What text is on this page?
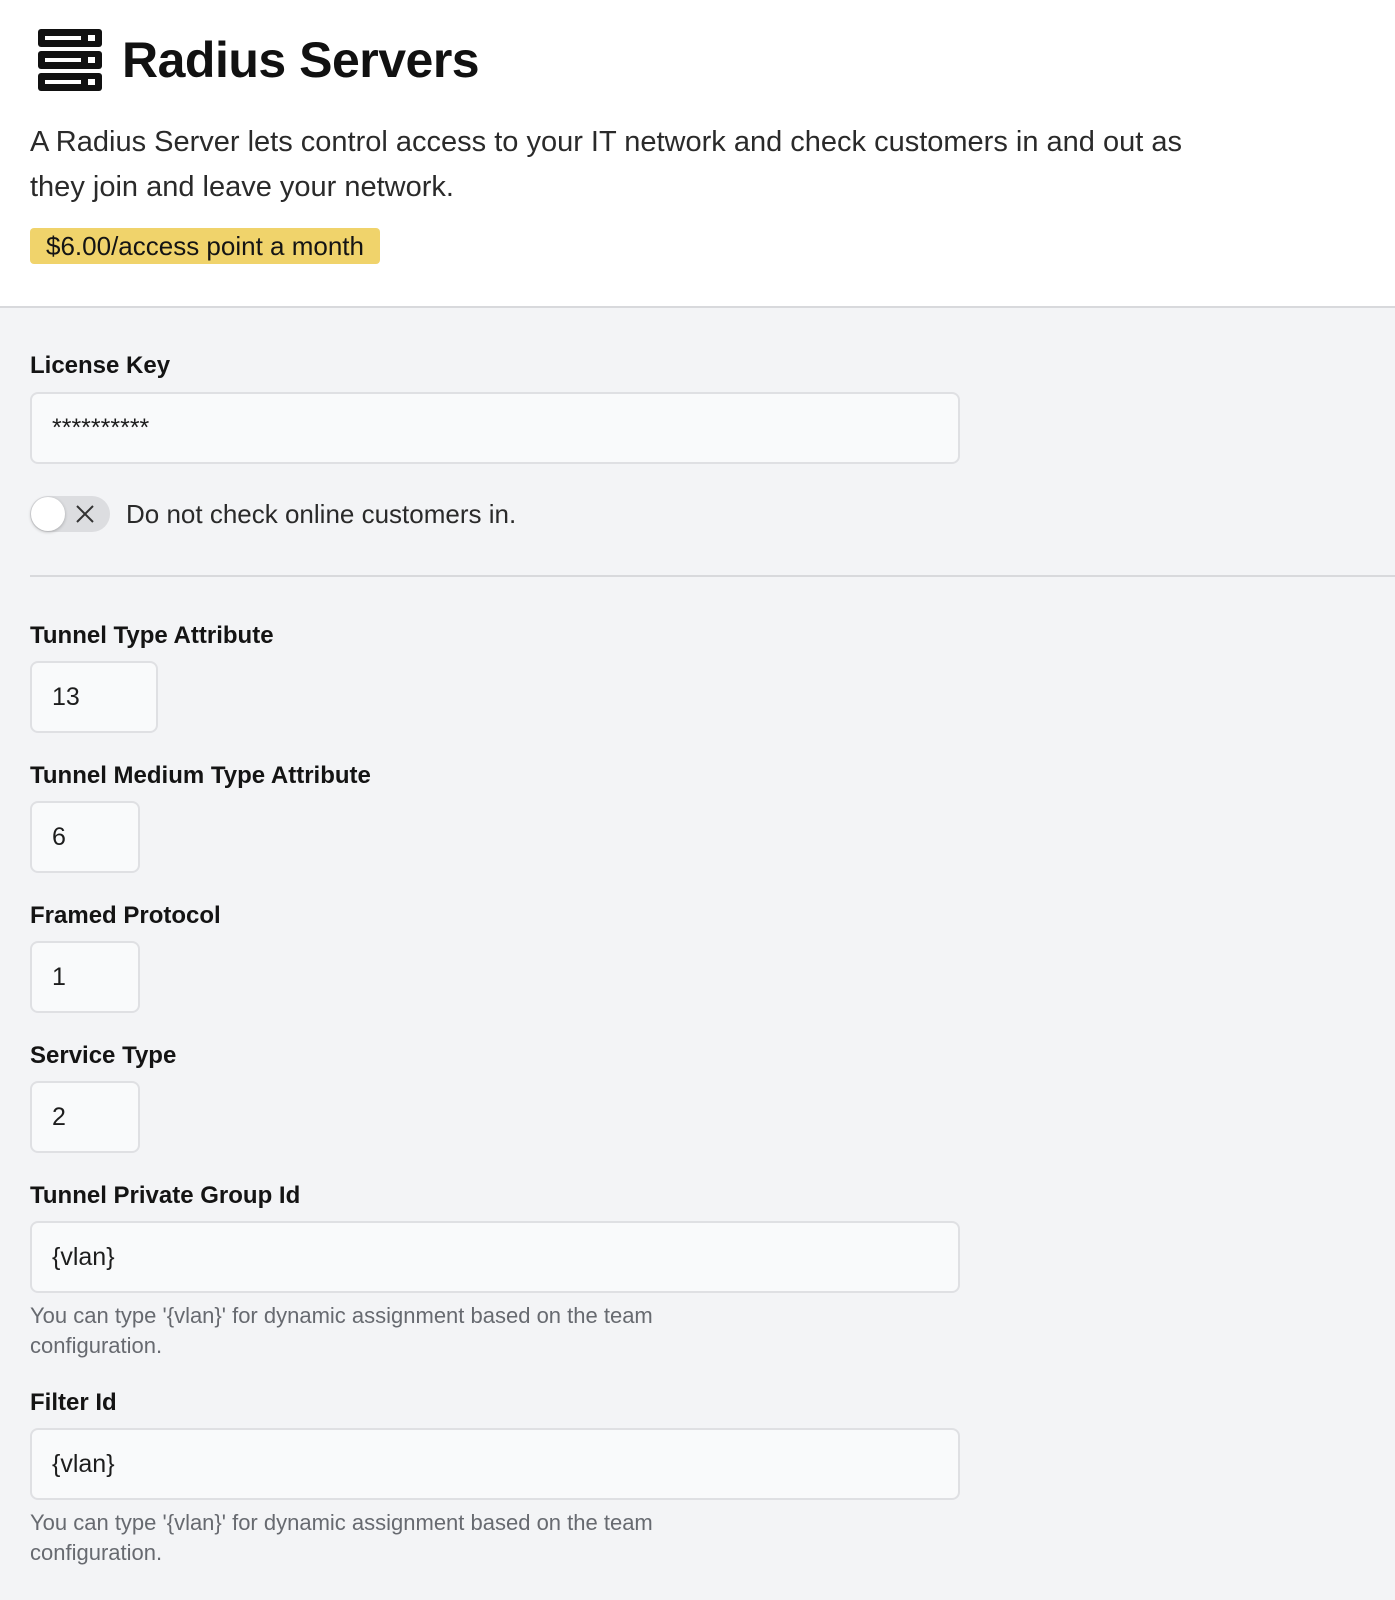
Radius Servers
A Radius Server lets control access to your IT network and check customers in and out as they join and leave your network.
$6.00/access point a month
License Key
**********
Do not check online customers in.
Tunnel Type Attribute
13
Tunnel Medium Type Attribute
6
Framed Protocol
1
Service Type
2
Tunnel Private Group Id
{vlan}
You can type '{vlan}' for dynamic assignment based on the team configuration.
Filter Id
{vlan}
You can type '{vlan}' for dynamic assignment based on the team configuration.
